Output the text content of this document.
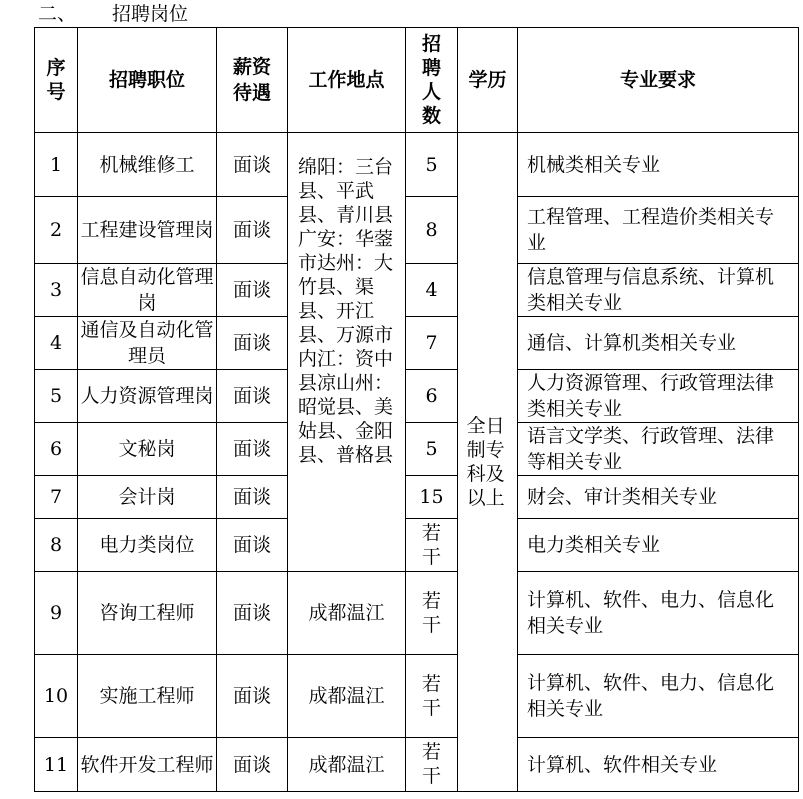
二、 招聘岗位
序号	招聘职位	薪资待遇	工作地点	招聘人数	学历	专业要求
1	机械维修工	面谈	绵阳：三台县、平武县、青川县广安：华蓥市达州：大竹县、渠县、开江县、万源市内江：资中县凉山州：昭觉县、美姑县、金阳县、普格县	5	全日制专科及以上	机械类相关专业
2	工程建设管理岗	面谈		8		工程管理、工程造价类相关专业
3	信息自动化管理岗	面谈		4		信息管理与信息系统、计算机类相关专业
4	通信及自动化管理员	面谈		7		通信、计算机类相关专业
5	人力资源管理岗	面谈		6		人力资源管理、行政管理法律类相关专业
6	文秘岗	面谈		5		语言文学类、行政管理、法律等相关专业
7	会计岗	面谈		15		财会、审计类相关专业
8	电力类岗位	面谈		若干		电力类相关专业
9	咨询工程师	面谈	成都温江	若干		计算机、软件、电力、信息化相关专业
10	实施工程师	面谈	成都温江	若干		计算机、软件、电力、信息化相关专业
11	软件开发工程师	面谈	成都温江	若干		计算机、软件相关专业
